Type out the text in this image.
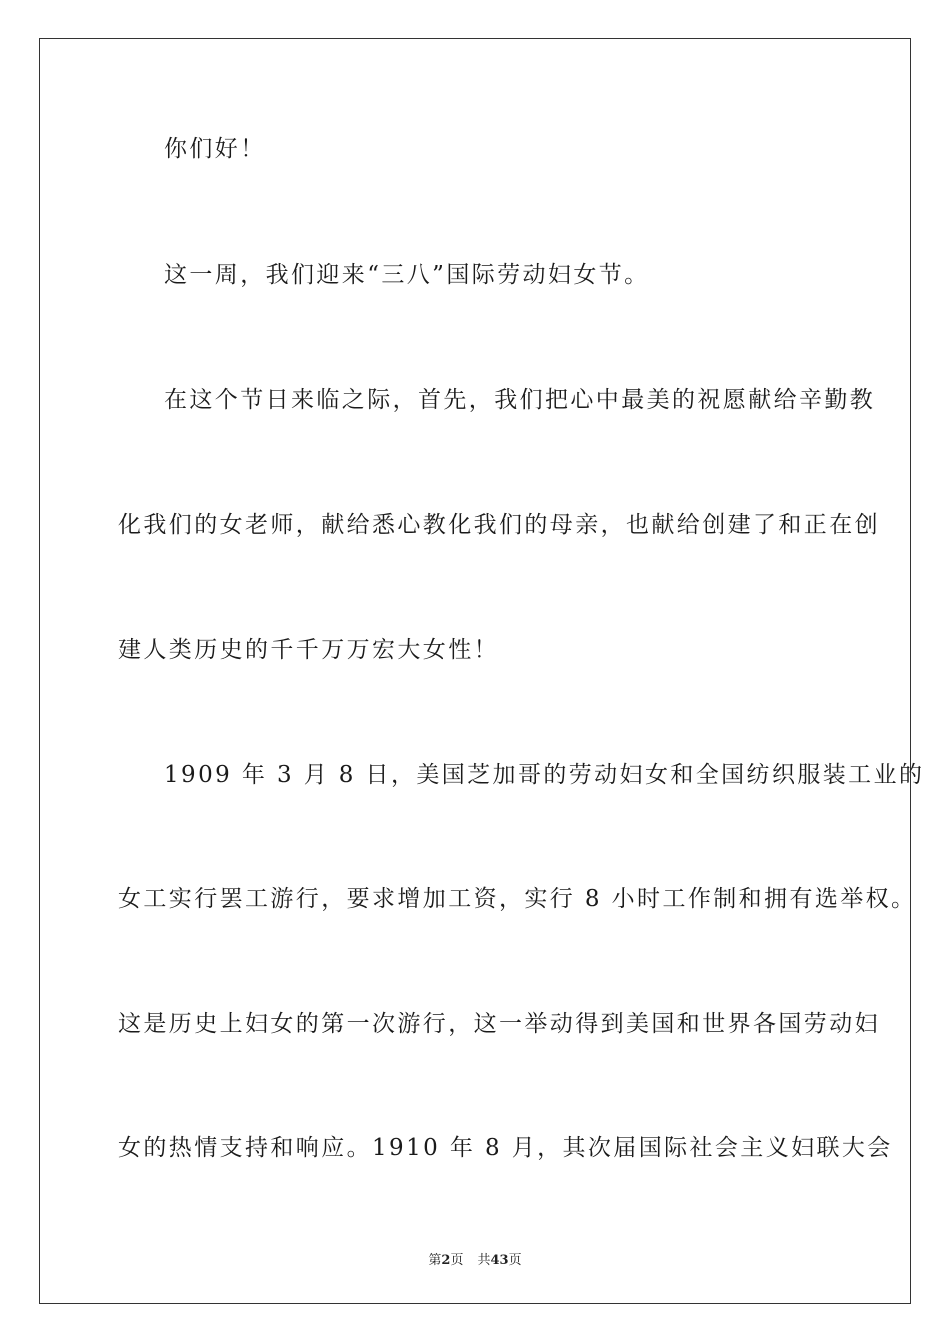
你们好！
这一周，我们迎来“三八”国际劳动妇女节。
在这个节日来临之际，首先，我们把心中最美的祝愿献给辛勤教
化我们的女老师，献给悉心教化我们的母亲，也献给创建了和正在创
建人类历史的千千万万宏大女性！
1909 年 3 月 8 日，美国芝加哥的劳动妇女和全国纺织服装工业的
女工实行罢工游行，要求增加工资，实行 8 小时工作制和拥有选举权。
这是历史上妇女的第一次游行，这一举动得到美国和世界各国劳动妇
女的热情支持和响应。1910 年 8 月，其次届国际社会主义妇联大会
第2页 共43页
